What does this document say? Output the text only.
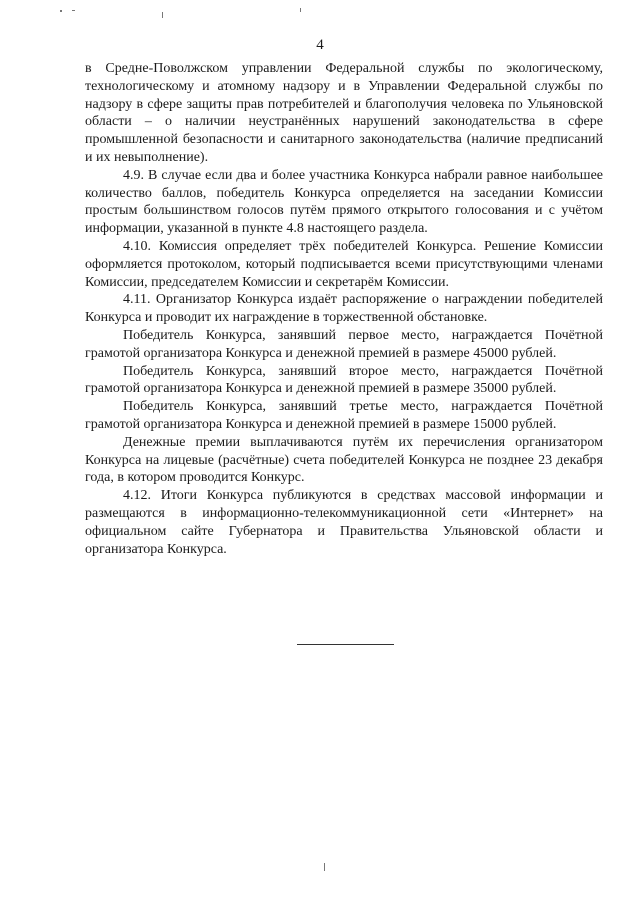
4

в Средне-Поволжском управлении Федеральной службы по экологическому, технологическому и атомному надзору и в Управлении Федеральной службы по надзору в сфере защиты прав потребителей и благополучия человека по Ульяновской области – о наличии неустранённых нарушений законодательства в сфере промышленной безопасности и санитарного законодательства (наличие предписаний и их невыполнение).

4.9. В случае если два и более участника Конкурса набрали равное наибольшее количество баллов, победитель Конкурса определяется на заседании Комиссии простым большинством голосов путём прямого открытого голосования и с учётом информации, указанной в пункте 4.8 настоящего раздела.

4.10. Комиссия определяет трёх победителей Конкурса. Решение Комиссии оформляется протоколом, который подписывается всеми присутствующими членами Комиссии, председателем Комиссии и секретарём Комиссии.

4.11. Организатор Конкурса издаёт распоряжение о награждении победителей Конкурса и проводит их награждение в торжественной обстановке.

Победитель Конкурса, занявший первое место, награждается Почётной грамотой организатора Конкурса и денежной премией в размере 45000 рублей.

Победитель Конкурса, занявший второе место, награждается Почётной грамотой организатора Конкурса и денежной премией в размере 35000 рублей.

Победитель Конкурса, занявший третье место, награждается Почётной грамотой организатора Конкурса и денежной премией в размере 15000 рублей.

Денежные премии выплачиваются путём их перечисления организатором Конкурса на лицевые (расчётные) счета победителей Конкурса не позднее 23 декабря года, в котором проводится Конкурс.

4.12. Итоги Конкурса публикуются в средствах массовой информации и размещаются в информационно-телекоммуникационной сети «Интернет» на официальном сайте Губернатора и Правительства Ульяновской области и организатора Конкурса.
